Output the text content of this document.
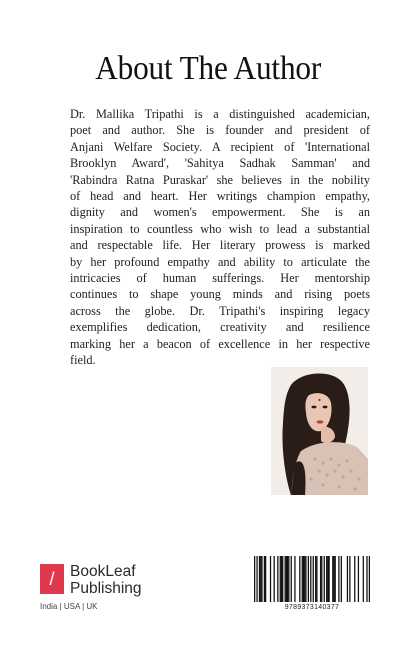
About The Author
Dr. Mallika Tripathi is a distinguished academician,
poet and author. She is founder and president of
Anjani Welfare Society. A recipient of 'International
Brooklyn Award', 'Sahitya Sadhak Samman' and
'Rabindra Ratna Puraskar' she believes in the nobility
of head and heart. Her writings champion empathy,
dignity and women's empowerment. She is an
inspiration to countless who wish to lead a substantial
and respectable life. Her literary prowess is marked
by her profound empathy and ability to articulate the
intricacies of human sufferings. Her mentorship
continues to shape young minds and rising poets
across the globe. Dr. Tripathi's inspiring legacy
exemplifies dedication, creativity and resilience
marking her a beacon of excellence in her respective
field.
/	BookLeaf
Publishing
India | USA | UK	9789373140377
